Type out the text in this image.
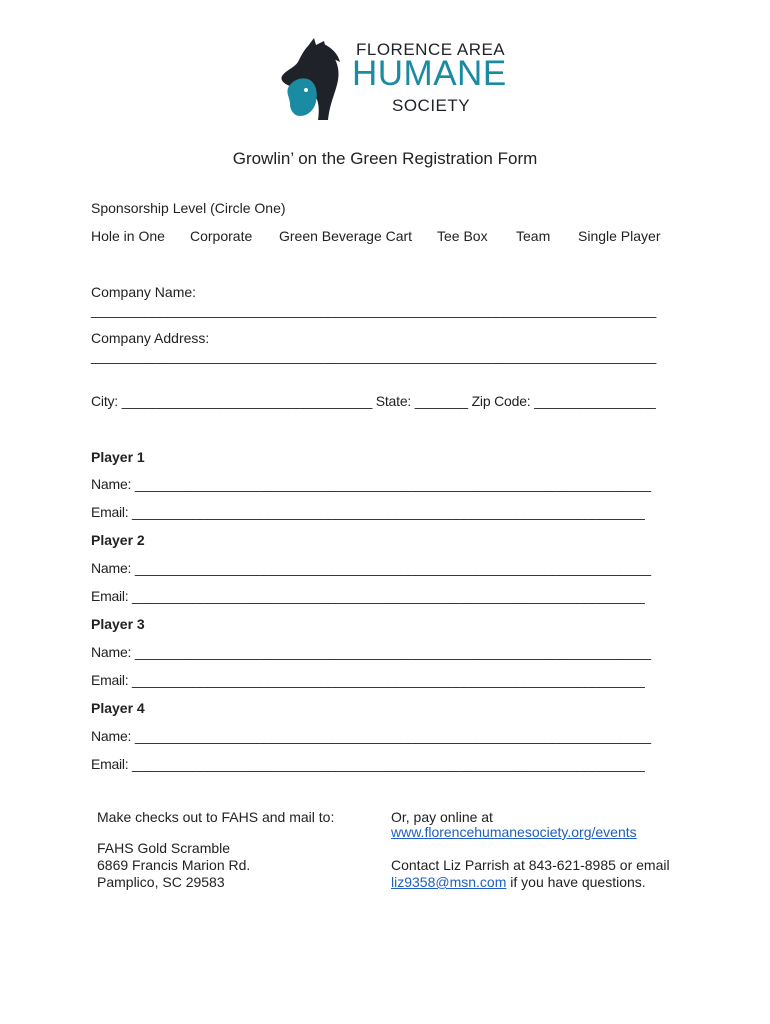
FLORENCE AREA
HUMANE
SOCIETY
Growlin’ on the Green Registration Form
Sponsorship Level (Circle One)
Hole in One Corporate Green Beverage Cart Tee Box Team Single Player
Company Name:
__________________________________________________________________________
Company Address:
__________________________________________________________________________
City: _________________________________ State: _______ Zip Code: ________________
Player 1
Name: ____________________________________________________________________
Email: ____________________________________________________________________
Player 2
Name: ____________________________________________________________________
Email: ____________________________________________________________________
Player 3
Name: ____________________________________________________________________
Email: ____________________________________________________________________
Player 4
Name: ____________________________________________________________________
Email: ____________________________________________________________________
Make checks out to FAHS and mail to:
FAHS Gold Scramble
6869 Francis Marion Rd.
Pamplico, SC 29583
Or, pay online at
www.florencehumanesociety.org/events
Contact Liz Parrish at 843-621-8985 or email
liz9358@msn.com if you have questions.
